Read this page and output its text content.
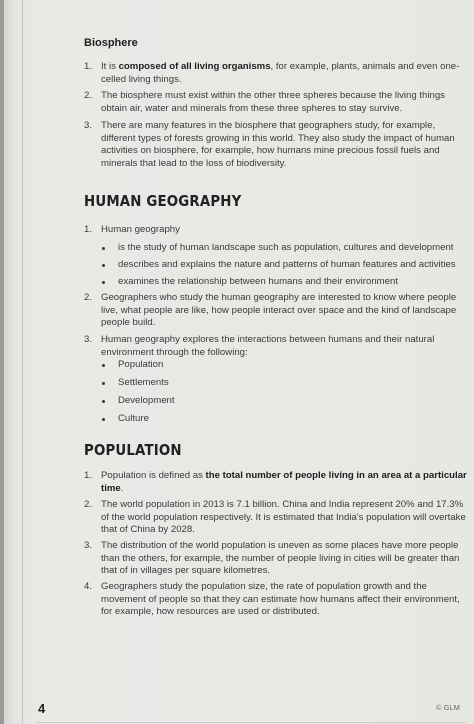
Biosphere
1. It is composed of all living organisms, for example, plants, animals and even one-celled living things.
2. The biosphere must exist within the other three spheres because the living things obtain air, water and minerals from these three spheres to stay survive.
3. There are many features in the biosphere that geographers study, for example, different types of forests growing in this world. They also study the impact of human activities on biosphere, for example, how humans mine precious fossil fuels and minerals that lead to the loss of biodiversity.
HUMAN GEOGRAPHY
1. Human geography
is the study of human landscape such as population, cultures and development
describes and explains the nature and patterns of human features and activities
examines the relationship between humans and their environment
2. Geographers who study the human geography are interested to know where people live, what people are like, how people interact over space and the kind of landscape people build.
3. Human geography explores the interactions between humans and their natural environment through the following:
Population
Settlements
Development
Culture
POPULATION
1. Population is defined as the total number of people living in an area at a particular time.
2. The world population in 2013 is 7.1 billion. China and India represent 20% and 17.3% of the world population respectively. It is estimated that India's population will overtake that of China by 2028.
3. The distribution of the world population is uneven as some places have more people than the others, for example, the number of people living in cities will be greater than that of in villages per square kilometres.
4. Geographers study the population size, the rate of population growth and the movement of people so that they can estimate how humans affect their environment, for example, how resources are used or distributed.
4	© GLM
